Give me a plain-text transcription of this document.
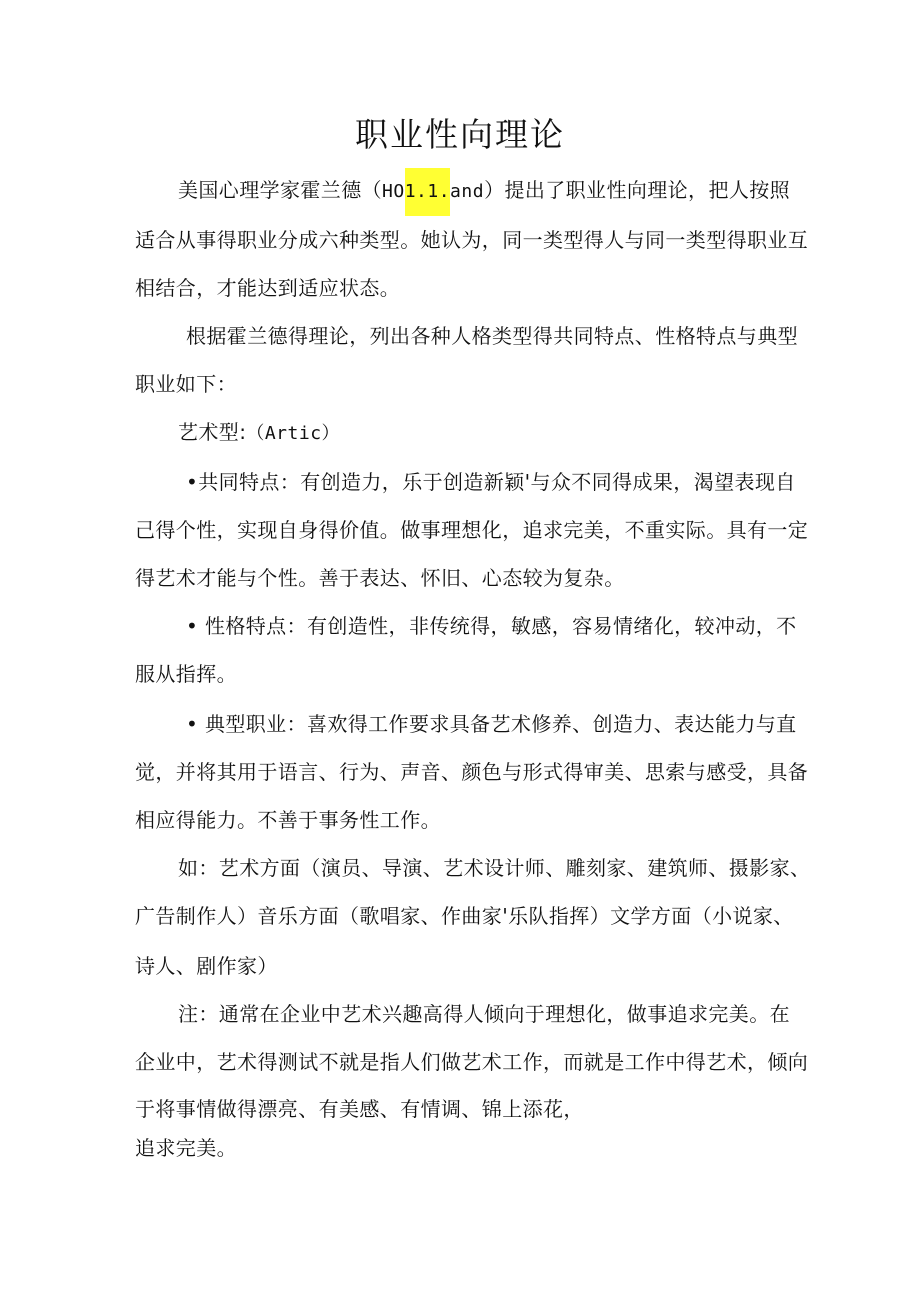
职业性向理论
美国心理学家霍兰德（HO1.1.and）提出了职业性向理论，把人按照
适合从事得职业分成六种类型。她认为，同一类型得人与同一类型得职业互
相结合，才能达到适应状态。
根据霍兰德得理论，列出各种人格类型得共同特点、性格特点与典型
职业如下：
艺术型:（Artic）
•共同特点：有创造力，乐于创造新颖'与众不同得成果，渴望表现自
己得个性，实现自身得价值。做事理想化，追求完美，不重实际。具有一定
得艺术才能与个性。善于表达、怀旧、心态较为复杂。
• 性格特点：有创造性，非传统得，敏感，容易情绪化，较冲动，不
服从指挥。
• 典型职业：喜欢得工作要求具备艺术修养、创造力、表达能力与直
觉，并将其用于语言、行为、声音、颜色与形式得审美、思索与感受，具备
相应得能力。不善于事务性工作。
如：艺术方面（演员、导演、艺术设计师、雕刻家、建筑师、摄影家、
广告制作人）音乐方面（歌唱家、作曲家'乐队指挥）文学方面（小说家、
诗人、剧作家）
注：通常在企业中艺术兴趣高得人倾向于理想化，做事追求完美。在
企业中，艺术得测试不就是指人们做艺术工作，而就是工作中得艺术，倾向
于将事情做得漂亮、有美感、有情调、锦上添花，
追求完美。
